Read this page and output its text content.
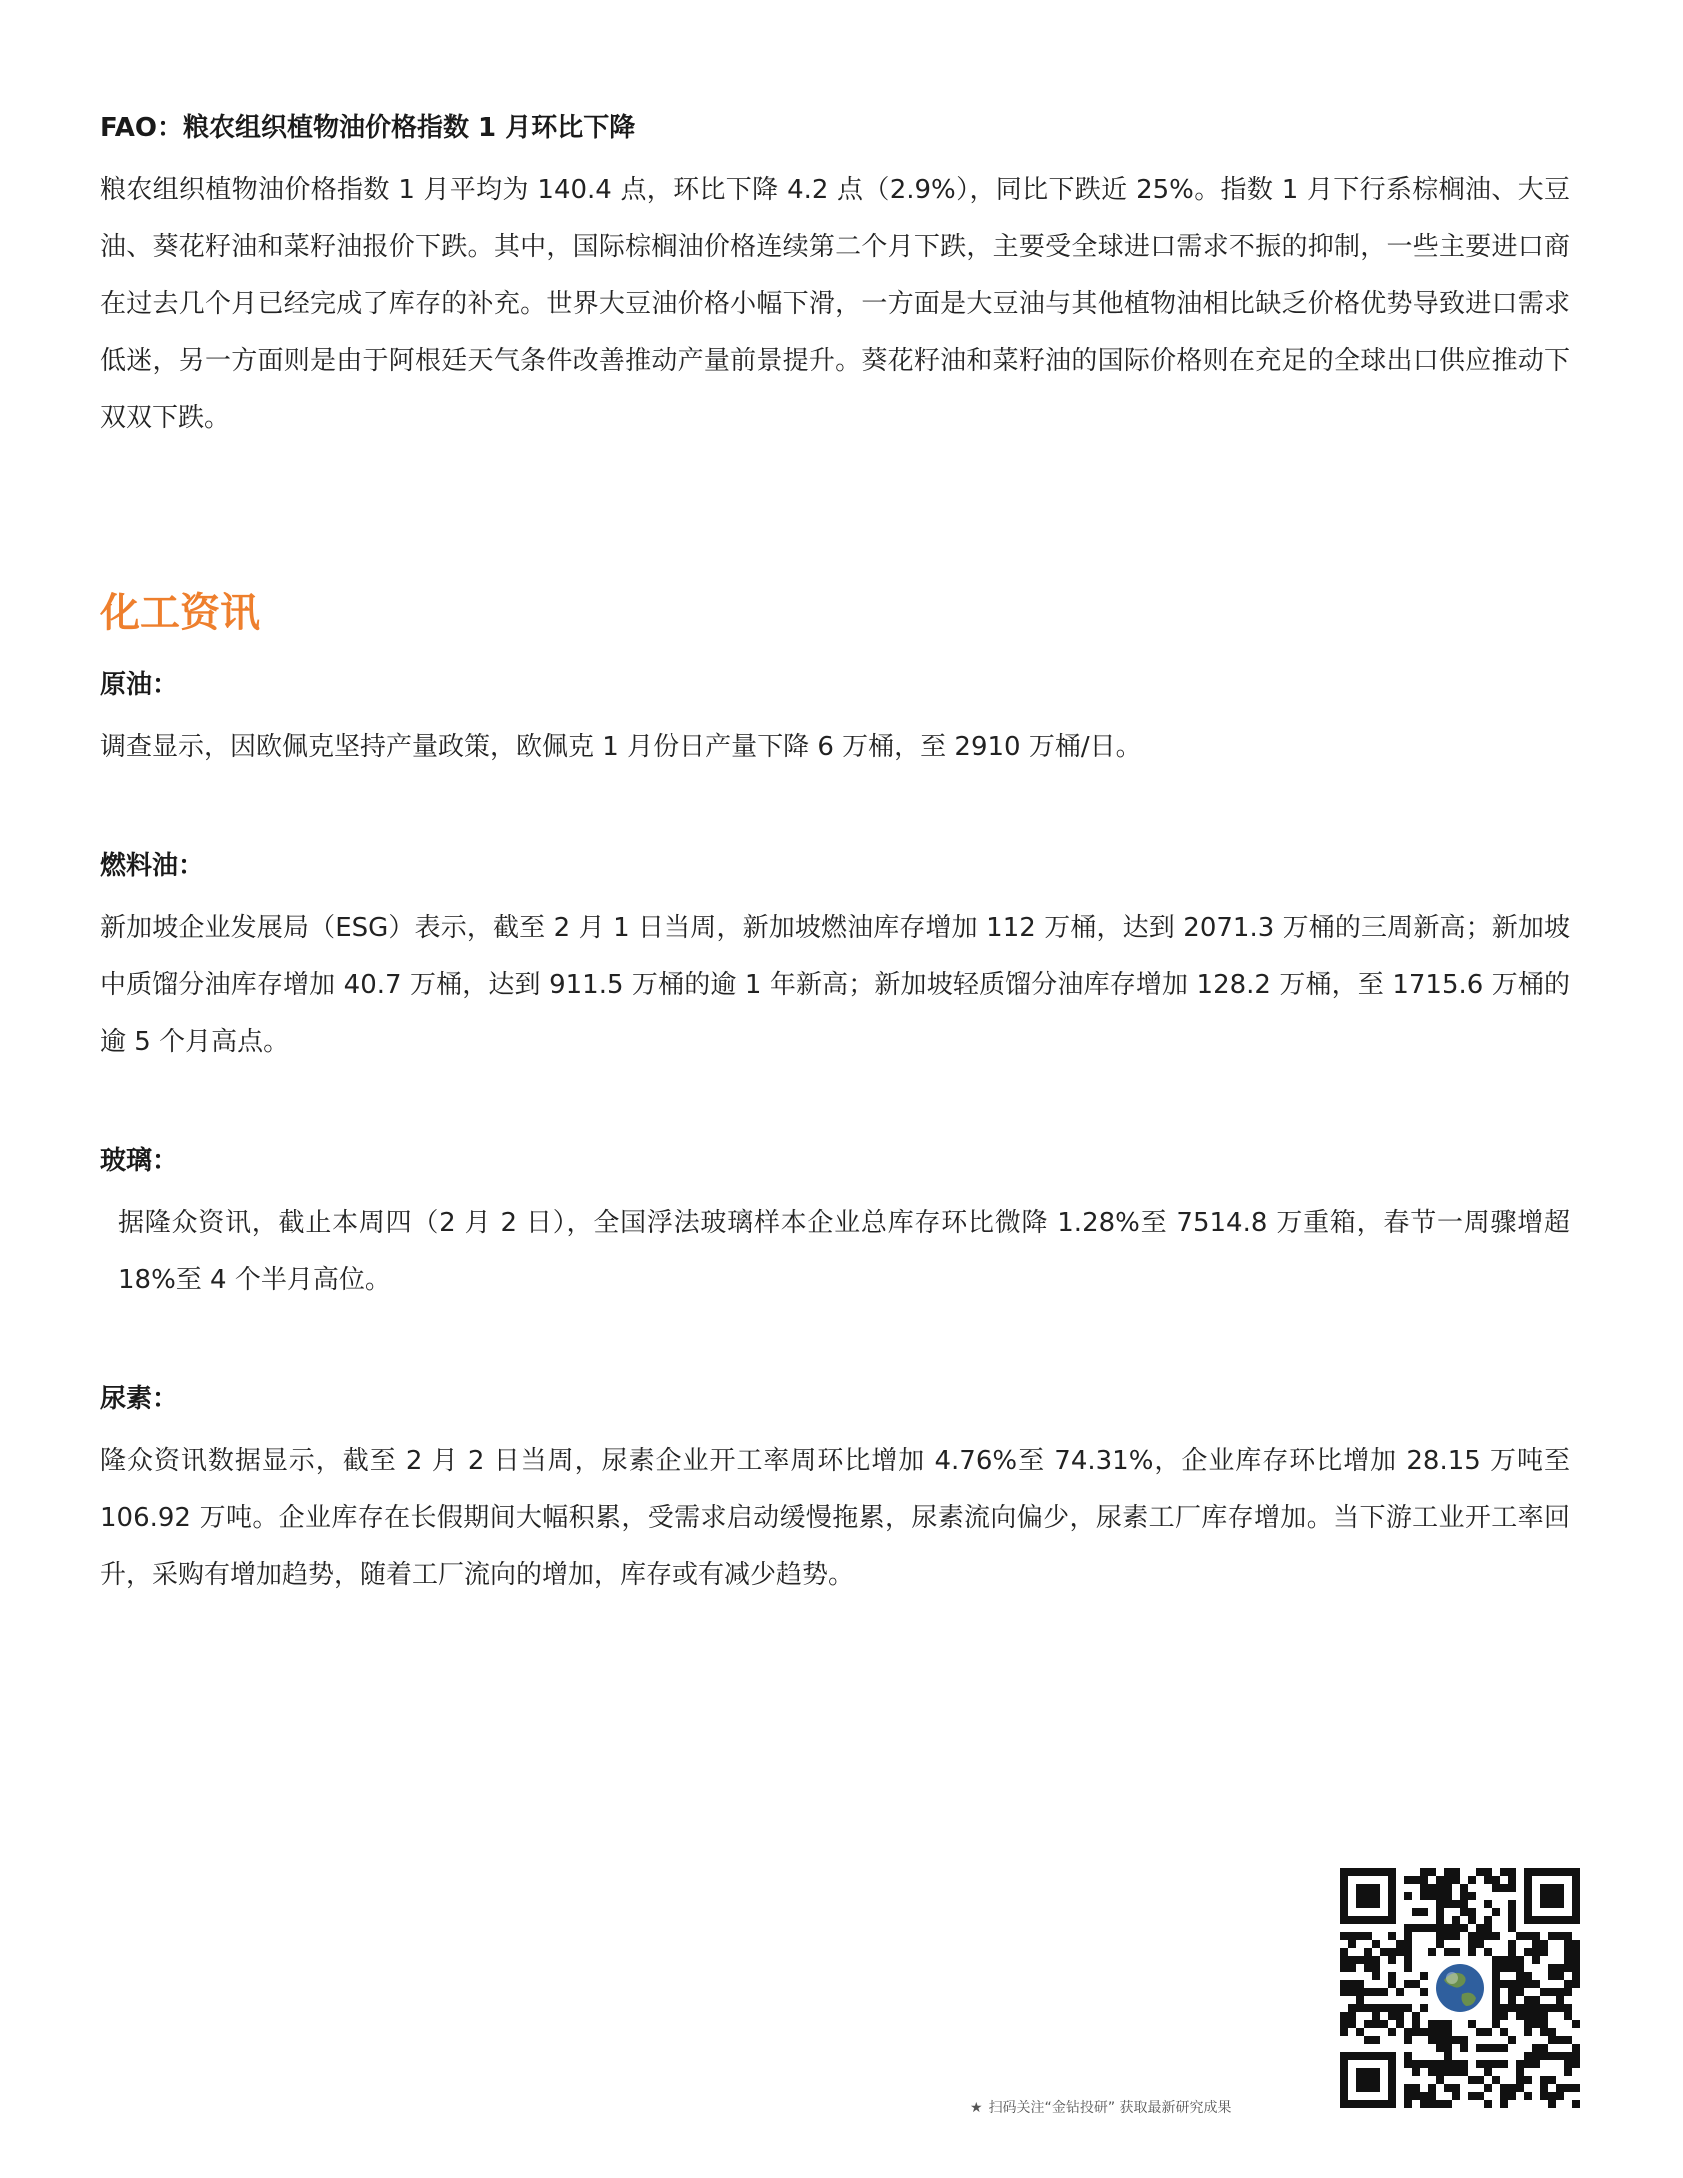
FAO：粮农组织植物油价格指数 1 月环比下降

粮农组织植物油价格指数 1 月平均为 140.4 点，环比下降 4.2 点（2.9%），同比下跌近 25%。指数 1 月下行系棕榈油、大豆油、葵花籽油和菜籽油报价下跌。其中，国际棕榈油价格连续第二个月下跌，主要受全球进口需求不振的抑制，一些主要进口商在过去几个月已经完成了库存的补充。世界大豆油价格小幅下滑，一方面是大豆油与其他植物油相比缺乏价格优势导致进口需求低迷，另一方面则是由于阿根廷天气条件改善推动产量前景提升。葵花籽油和菜籽油的国际价格则在充足的全球出口供应推动下双双下跌。

化工资讯

原油：

调查显示，因欧佩克坚持产量政策，欧佩克 1 月份日产量下降 6 万桶，至 2910 万桶/日。

燃料油：

新加坡企业发展局（ESG）表示，截至 2 月 1 日当周，新加坡燃油库存增加 112 万桶，达到 2071.3 万桶的三周新高；新加坡中质馏分油库存增加 40.7 万桶，达到 911.5 万桶的逾 1 年新高；新加坡轻质馏分油库存增加 128.2 万桶，至 1715.6 万桶的逾 5 个月高点。

玻璃：

据隆众资讯，截止本周四（2 月 2 日），全国浮法玻璃样本企业总库存环比微降 1.28%至 7514.8 万重箱，春节一周骤增超 18%至 4 个半月高位。

尿素：

隆众资讯数据显示，截至 2 月 2 日当周，尿素企业开工率周环比增加 4.76%至 74.31%，企业库存环比增加 28.15 万吨至 106.92 万吨。企业库存在长假期间大幅积累，受需求启动缓慢拖累，尿素流向偏少，尿素工厂库存增加。当下游工业开工率回升，采购有增加趋势，随着工厂流向的增加，库存或有减少趋势。

★ 扫码关注“金钻投研” 获取最新研究成果
